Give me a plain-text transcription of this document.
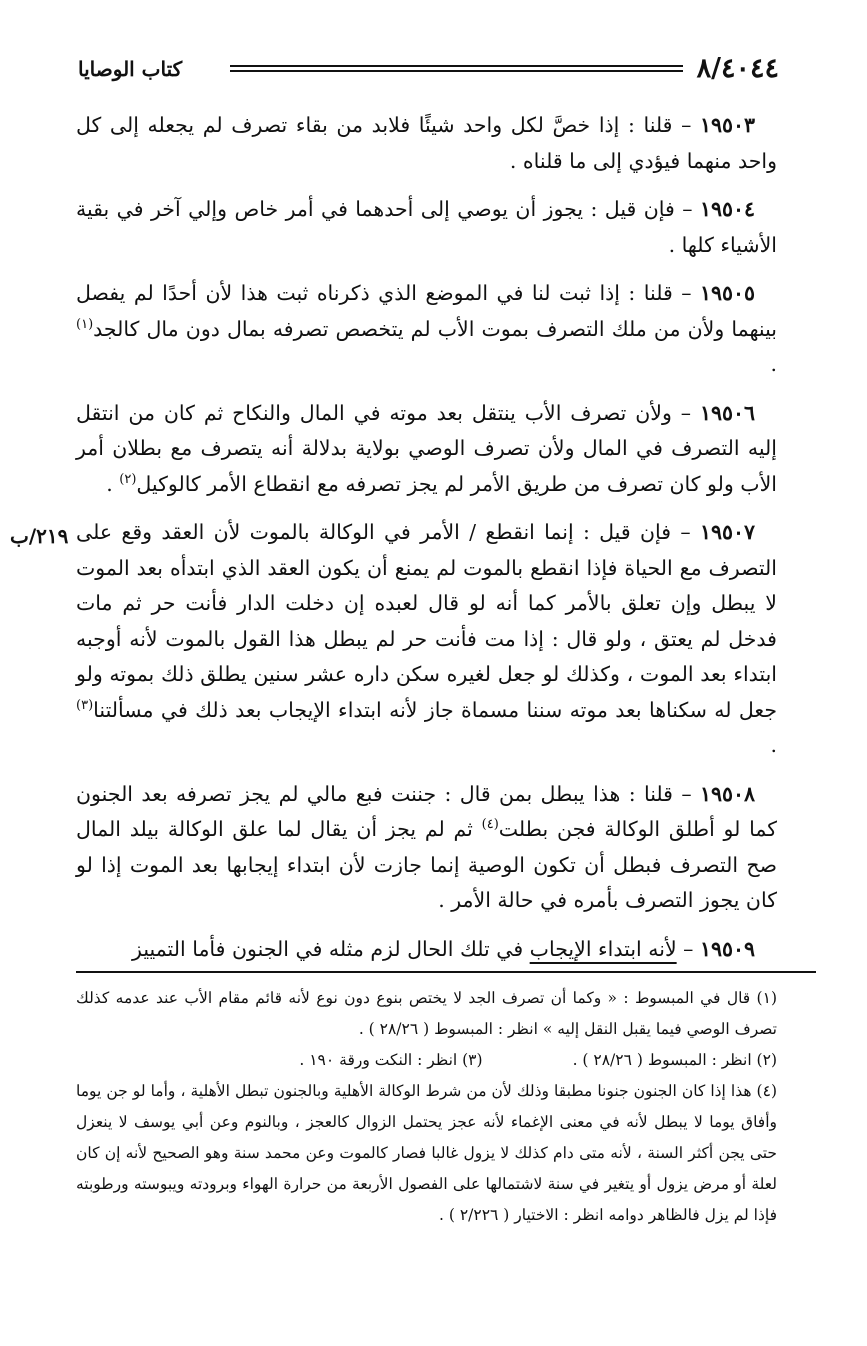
٨/٤٠٤٤
كتاب الوصايا
٢١٩/ب

١٩٥٠٣ – قلنا : إذا خصَّ لكل واحد شيئًا فلابد من بقاء تصرف لم يجعله إلى كل واحد منهما فيؤدي إلى ما قلناه .

١٩٥٠٤ – فإن قيل : يجوز أن يوصي إلى أحدهما في أمر خاص وإلي آخر في بقية الأشياء كلها .

١٩٥٠٥ – قلنا : إذا ثبت لنا في الموضع الذي ذكرناه ثبت هذا لأن أحدًا لم يفصل بينهما ولأن من ملك التصرف بموت الأب لم يتخصص تصرفه بمال دون مال كالجد$^{(١)}$ .

١٩٥٠٦ – ولأن تصرف الأب ينتقل بعد موته في المال والنكاح ثم كان من انتقل إليه التصرف في المال ولأن تصرف الوصي بولاية بدلالة أنه يتصرف مع بطلان أمر الأب ولو كان تصرف من طريق الأمر لم يجز تصرفه مع انقطاع الأمر كالوكيل$^{(٢)}$ .

١٩٥٠٧ – فإن قيل : إنما انقطع / الأمر في الوكالة بالموت لأن العقد وقع على التصرف مع الحياة فإذا انقطع بالموت لم يمنع أن يكون العقد الذي ابتدأه بعد الموت لا يبطل وإن تعلق بالأمر كما أنه لو قال لعبده إن دخلت الدار فأنت حر ثم مات فدخل لم يعتق ، ولو قال : إذا مت فأنت حر لم يبطل هذا القول بالموت لأنه أوجبه ابتداء بعد الموت ، وكذلك لو جعل لغيره سكن داره عشر سنين يطلق ذلك بموته ولو جعل له سكناها بعد موته سننا مسماة جاز لأنه ابتداء الإيجاب بعد ذلك في مسألتنا$^{(٣)}$ .

١٩٥٠٨ – قلنا : هذا يبطل بمن قال : جننت فبع مالي لم يجز تصرفه بعد الجنون كما لو أطلق الوكالة فجن بطلت$^{(٤)}$ ثم لم يجز أن يقال لما علق الوكالة بيلد المال صح التصرف فبطل أن تكون الوصية إنما جازت لأن ابتداء إيجابها بعد الموت إذا لو كان يجوز التصرف بأمره في حالة الأمر .

١٩٥٠٩ – لأنه ابتداء الإيجاب في تلك الحال لزم مثله في الجنون فأما التمييز

(١) قال في المبسوط : « وكما أن تصرف الجد لا يختص بنوع دون نوع لأنه قائم مقام الأب عند عدمه كذلك تصرف الوصي فيما يقبل النقل إليه » انظر : المبسوط ( ٢٨/٢٦ ) .

(٢) انظر : المبسوط ( ٢٨/٢٦ ) .
(٣) انظر : النكت ورقة ١٩٠ .

(٤) هذا إذا كان الجنون جنونا مطبقا وذلك لأن من شرط الوكالة الأهلية وبالجنون تبطل الأهلية ، وأما لو جن يوما وأفاق يوما لا يبطل لأنه في معنى الإغماء لأنه عجز يحتمل الزوال كالعجز ، وبالنوم وعن أبي يوسف لا ينعزل حتى يجن أكثر السنة ، لأنه متى دام كذلك لا يزول غالبا فصار كالموت وعن محمد سنة وهو الصحيح لأنه إن كان لعلة أو مرض يزول أو يتغير في سنة لاشتمالها على الفصول الأربعة من حرارة الهواء وبرودته ويبوسته ورطوبته فإذا لم يزل فالظاهر دوامه انظر : الاختيار ( ٢/٢٢٦ ) .
